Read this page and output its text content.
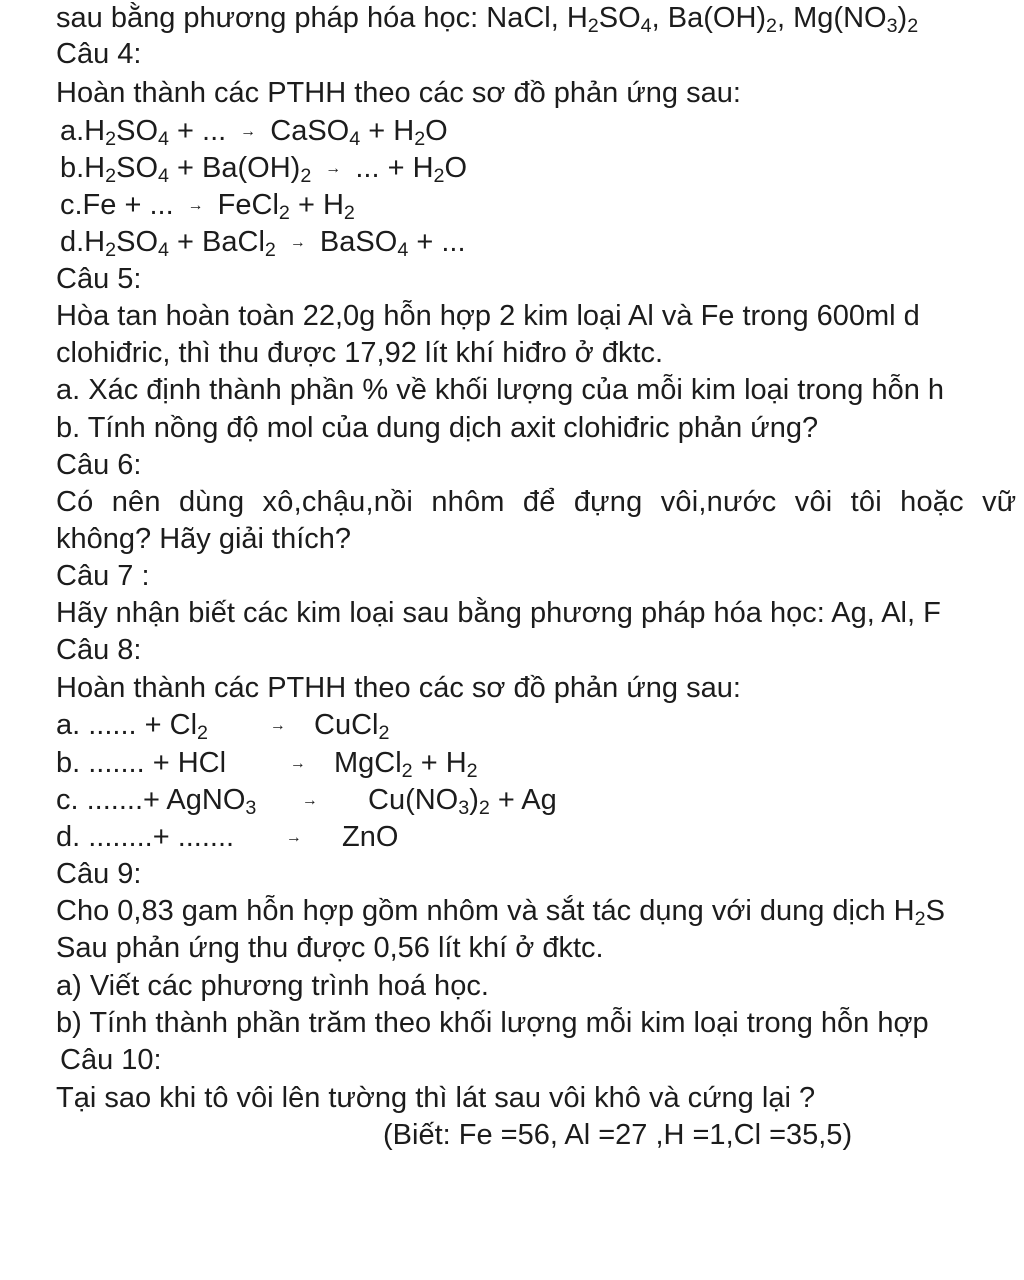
sau bằng phương pháp hóa học: NaCl, $H_2SO_4$, $Ba(OH)_2$, $Mg(NO_3)_2$
Câu 4:
Hoàn thành các PTHH theo các sơ đồ phản ứng sau:
$a.H_2SO_4$ + ... → CaSO$_4$ + $H_2O$
$b.H_2SO_4 + Ba(OH)_2$ → ... + $H_2O$
c.Fe + ... → FeCl$_2$ + $H_2$
$d.H_2SO_4$ + BaCl$_2$ → BaSO$_4$ + ...
Câu 5:
Hòa tan hoàn toàn 22,0g hỗn hợp 2 kim loại Al và Fe trong 600ml d
clohiđric, thì thu được 17,92 lít khí hiđro ở đktc.
a. Xác định thành phần % về khối lượng của mỗi kim loại trong hỗn h
b. Tính nồng độ mol của dung dịch axit clohiđric phản ứng?
Câu 6:
Có nên dùng xô,chậu,nồi nhôm để đựng vôi,nước vôi tôi hoặc vữ
không? Hãy giải thích?
Câu 7 :
Hãy nhận biết các kim loại sau bằng phương pháp hóa học: Ag, Al, F
Câu 8:
Hoàn thành các PTHH theo các sơ đồ phản ứng sau:
a. ...... + $Cl_2$	→ CuCl$_2$
b. ....... + HCl	→ MgCl$_2$ + $H_2$
c. .......+ AgNO$_3$	→ $Cu(NO_3)_2 + Ag$
d. ........+ .......	→ ZnO
Câu 9:
Cho 0,83 gam hỗn hợp gồm nhôm và sắt tác dụng với dung dịch $H_2S$
Sau phản ứng thu được 0,56 lít khí ở đktc.
a) Viết các phương trình hoá học.
b) Tính thành phần trăm theo khối lượng mỗi kim loại trong hỗn hợp
Câu 10:
Tại sao khi tô vôi lên tường thì lát sau vôi khô và cứng lại ?
(Biết: Fe =56, Al =27 ,H =1,Cl =35,5)
